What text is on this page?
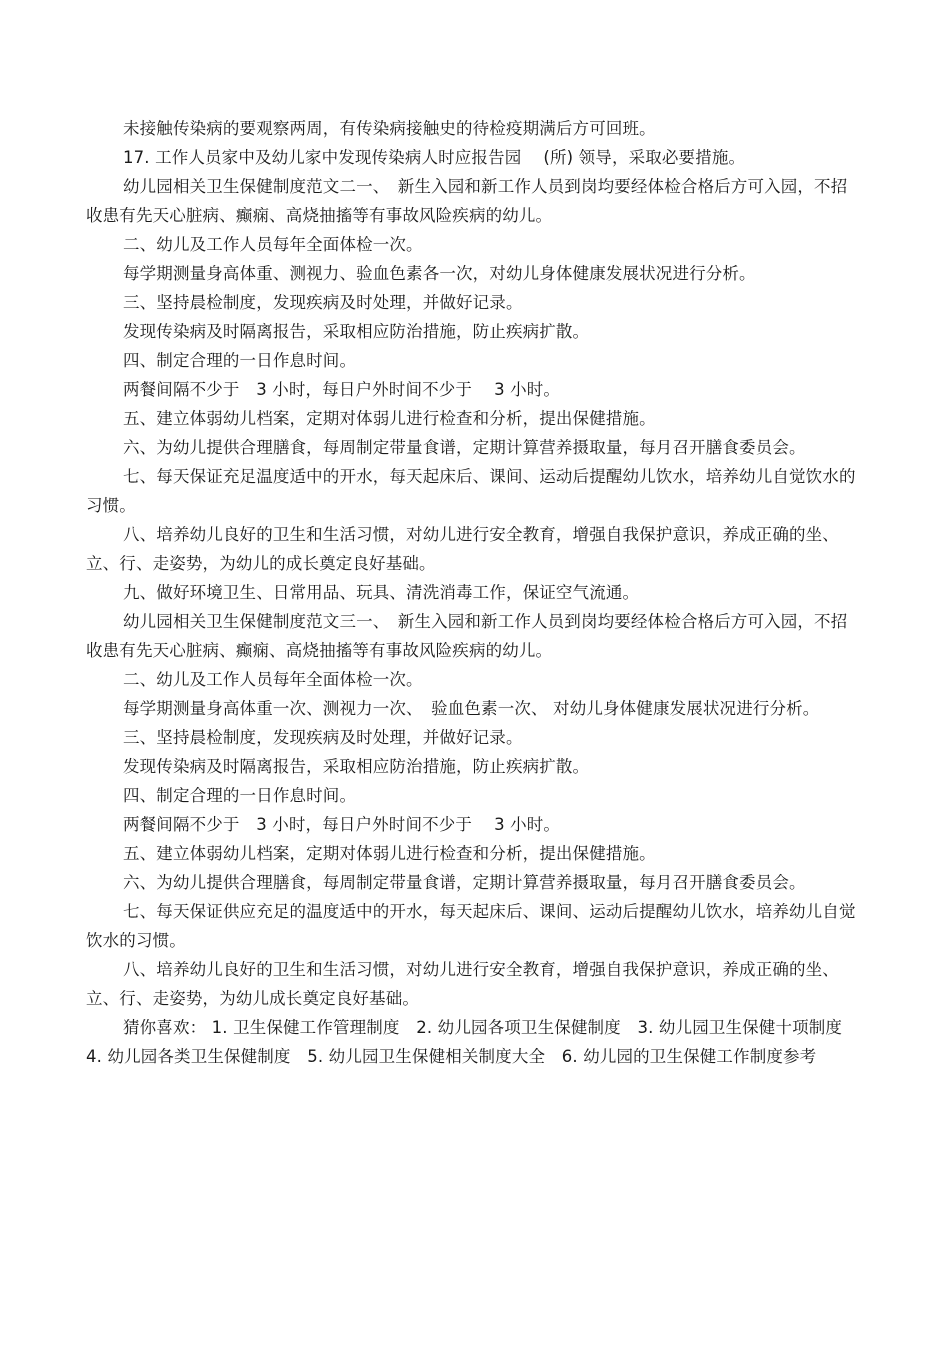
未接触传染病的要观察两周，有传染病接触史的待检疫期满后方可回班。

17. 工作人员家中及幼儿家中发现传染病人时应报告园　 (所) 领导，采取必要措施。

幼儿园相关卫生保健制度范文二一、　新生入园和新工作人员到岗均要经体检合格后方可入园，不招收患有先天心脏病、癫痫、高烧抽搐等有事故风险疾病的幼儿。

二、幼儿及工作人员每年全面体检一次。

每学期测量身高体重、测视力、验血色素各一次，对幼儿身体健康发展状况进行分析。

三、坚持晨检制度，发现疾病及时处理，并做好记录。

发现传染病及时隔离报告，采取相应防治措施，防止疾病扩散。

四、制定合理的一日作息时间。

两餐间隔不少于　3 小时，每日户外时间不少于　 3 小时。

五、建立体弱幼儿档案，定期对体弱儿进行检查和分析，提出保健措施。

六、为幼儿提供合理膳食，每周制定带量食谱，定期计算营养摄取量，每月召开膳食委员会。

七、每天保证充足温度适中的开水，每天起床后、课间、运动后提醒幼儿饮水，培养幼儿自觉饮水的习惯。

八、培养幼儿良好的卫生和生活习惯，对幼儿进行安全教育，增强自我保护意识，养成正确的坐、立、行、走姿势，为幼儿的成长奠定良好基础。

九、做好环境卫生、日常用品、玩具、清洗消毒工作，保证空气流通。

幼儿园相关卫生保健制度范文三一、　新生入园和新工作人员到岗均要经体检合格后方可入园，不招收患有先天心脏病、癫痫、高烧抽搐等有事故风险疾病的幼儿。

二、幼儿及工作人员每年全面体检一次。

每学期测量身高体重一次、测视力一次、　验血色素一次、 对幼儿身体健康发展状况进行分析。

三、坚持晨检制度，发现疾病及时处理，并做好记录。

发现传染病及时隔离报告，采取相应防治措施，防止疾病扩散。

四、制定合理的一日作息时间。

两餐间隔不少于　3 小时，每日户外时间不少于　 3 小时。

五、建立体弱幼儿档案，定期对体弱儿进行检查和分析，提出保健措施。

六、为幼儿提供合理膳食，每周制定带量食谱，定期计算营养摄取量，每月召开膳食委员会。

七、每天保证供应充足的温度适中的开水，每天起床后、课间、运动后提醒幼儿饮水，培养幼儿自觉饮水的习惯。

八、培养幼儿良好的卫生和生活习惯，对幼儿进行安全教育，增强自我保护意识，养成正确的坐、立、行、走姿势，为幼儿成长奠定良好基础。

猜你喜欢： 1. 卫生保健工作管理制度　2. 幼儿园各项卫生保健制度　3. 幼儿园卫生保健十项制度 4. 幼儿园各类卫生保健制度　5. 幼儿园卫生保健相关制度大全　6. 幼儿园的卫生保健工作制度参考
